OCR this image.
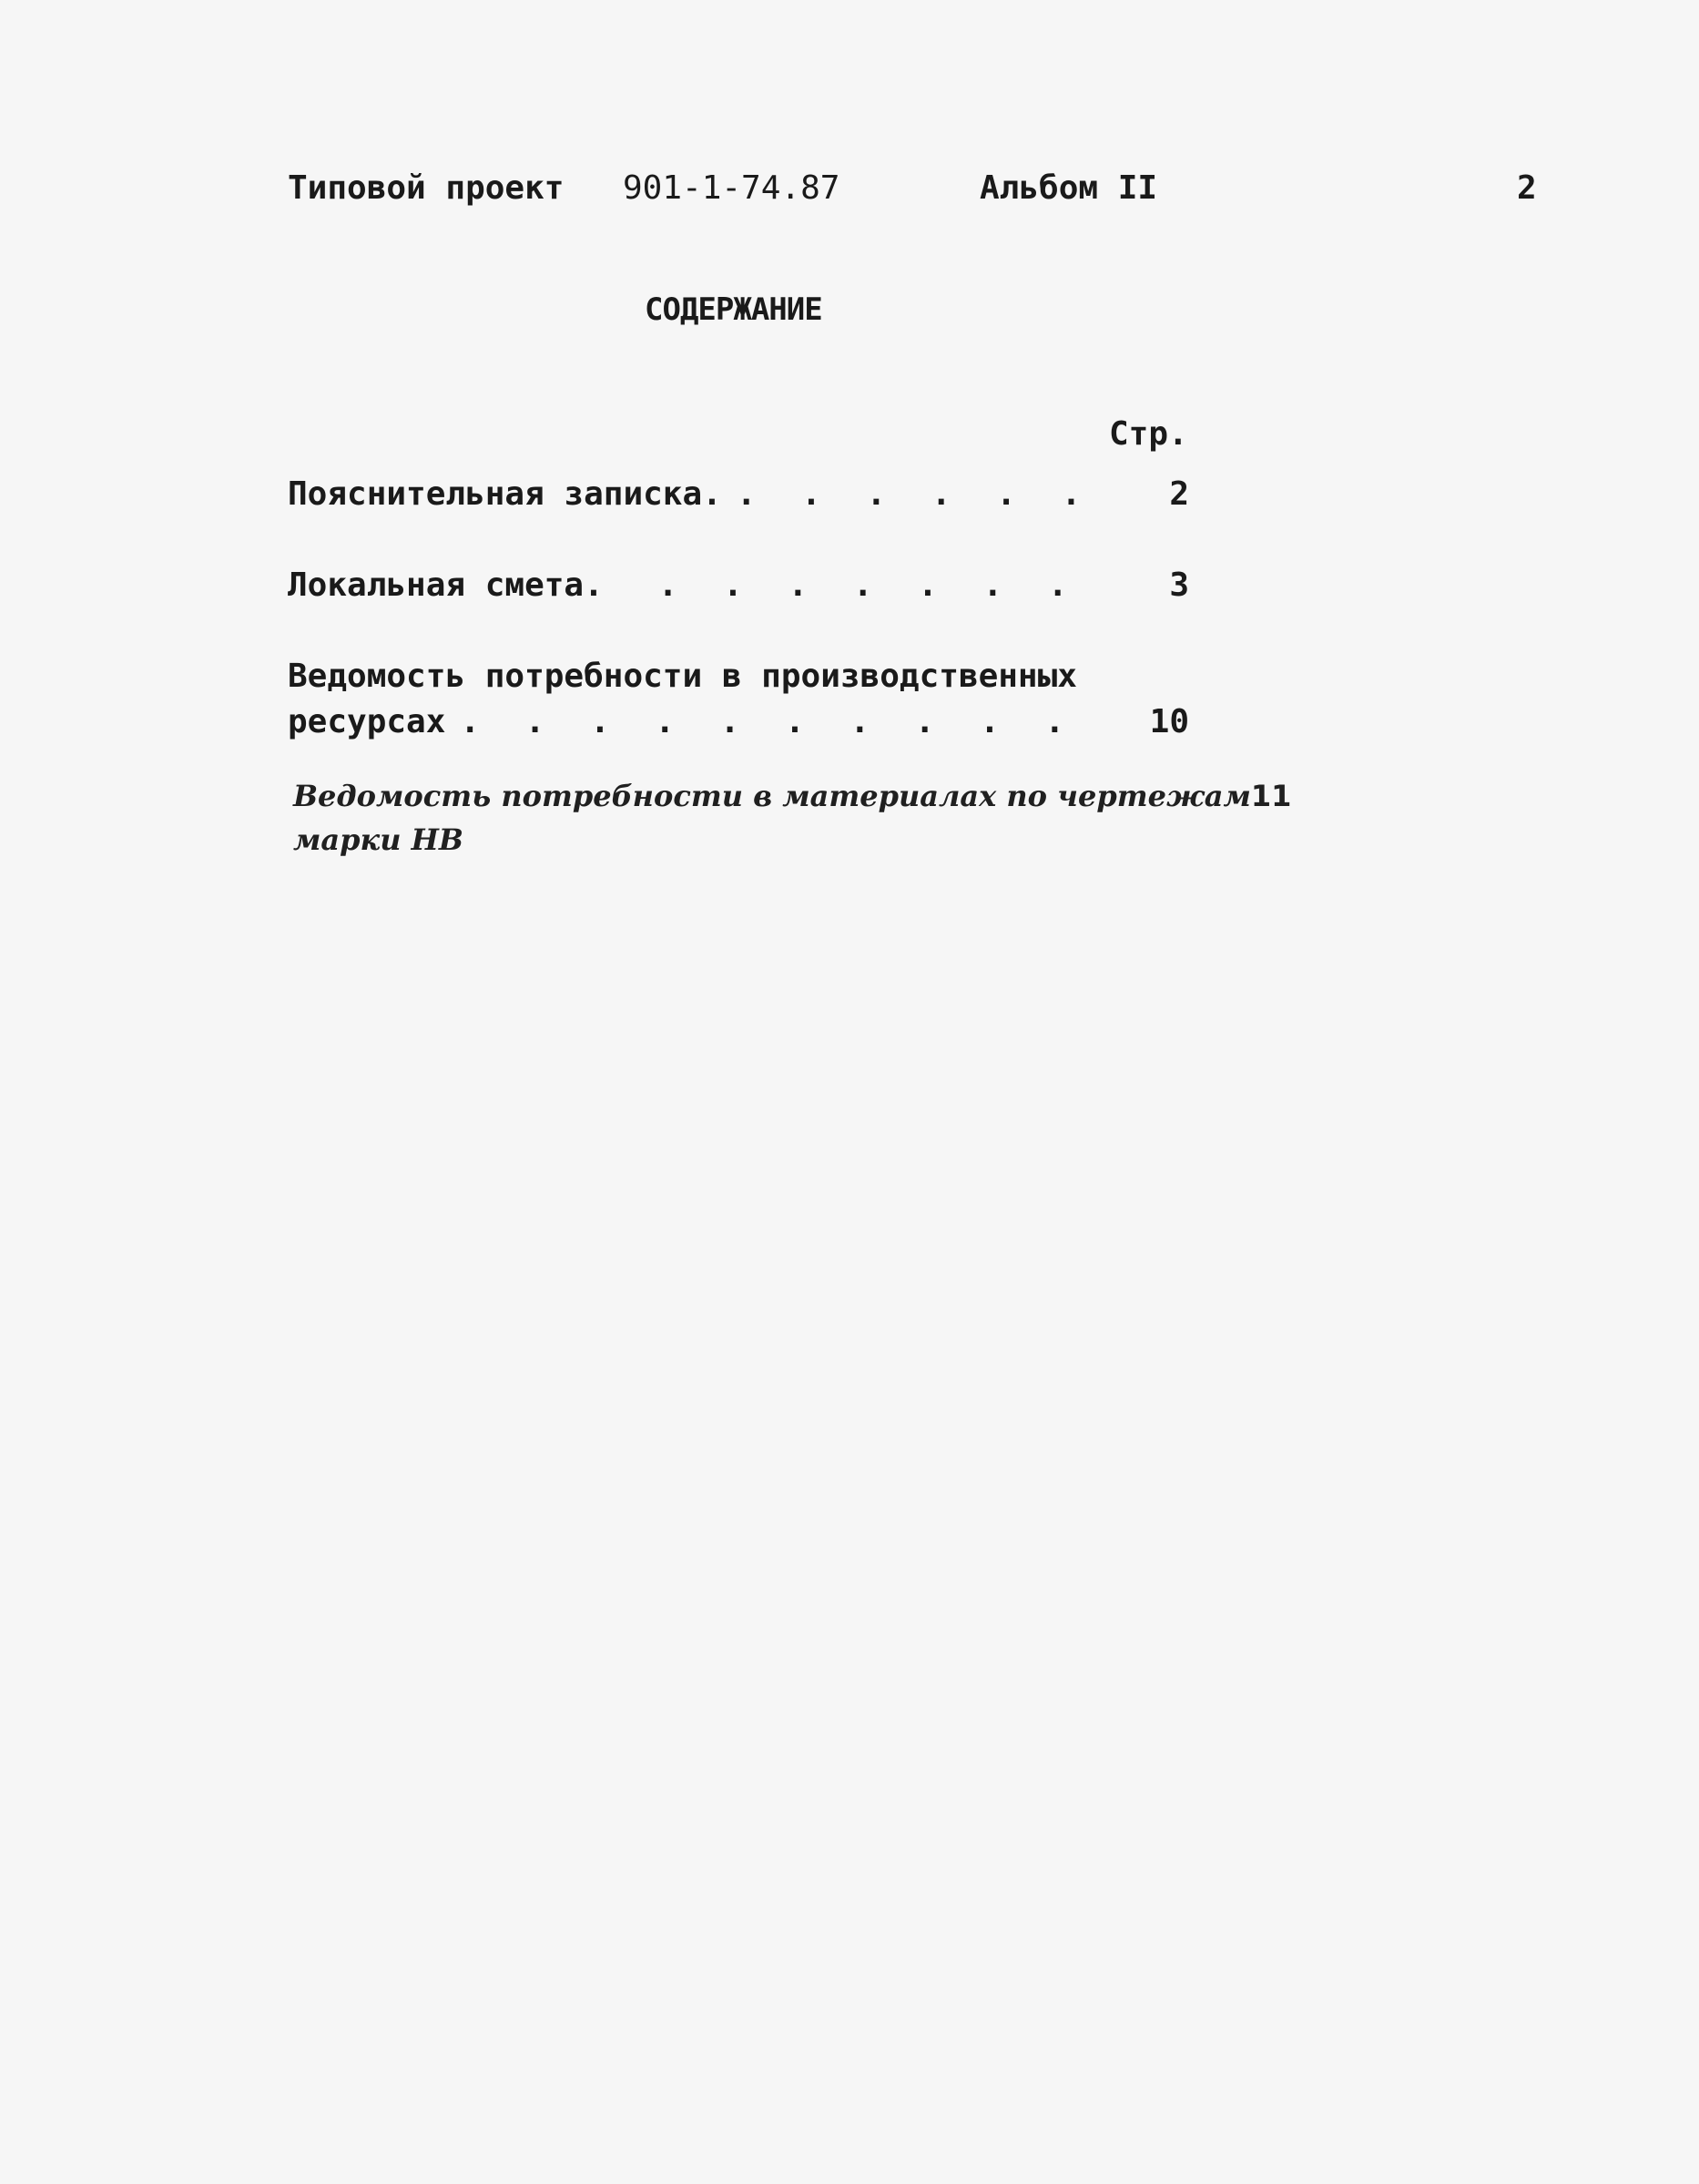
Типовой проект 901-1-74.87	Альбом II	2
СОДЕРЖАНИЕ
Стр.
Пояснительная записка. . . .	2
Локальная смета. . . .	3
Ведомость потребности в производственных
ресурсах . . .	10
Ведомость потребности в материалах по чертежам 11
марки НВ
